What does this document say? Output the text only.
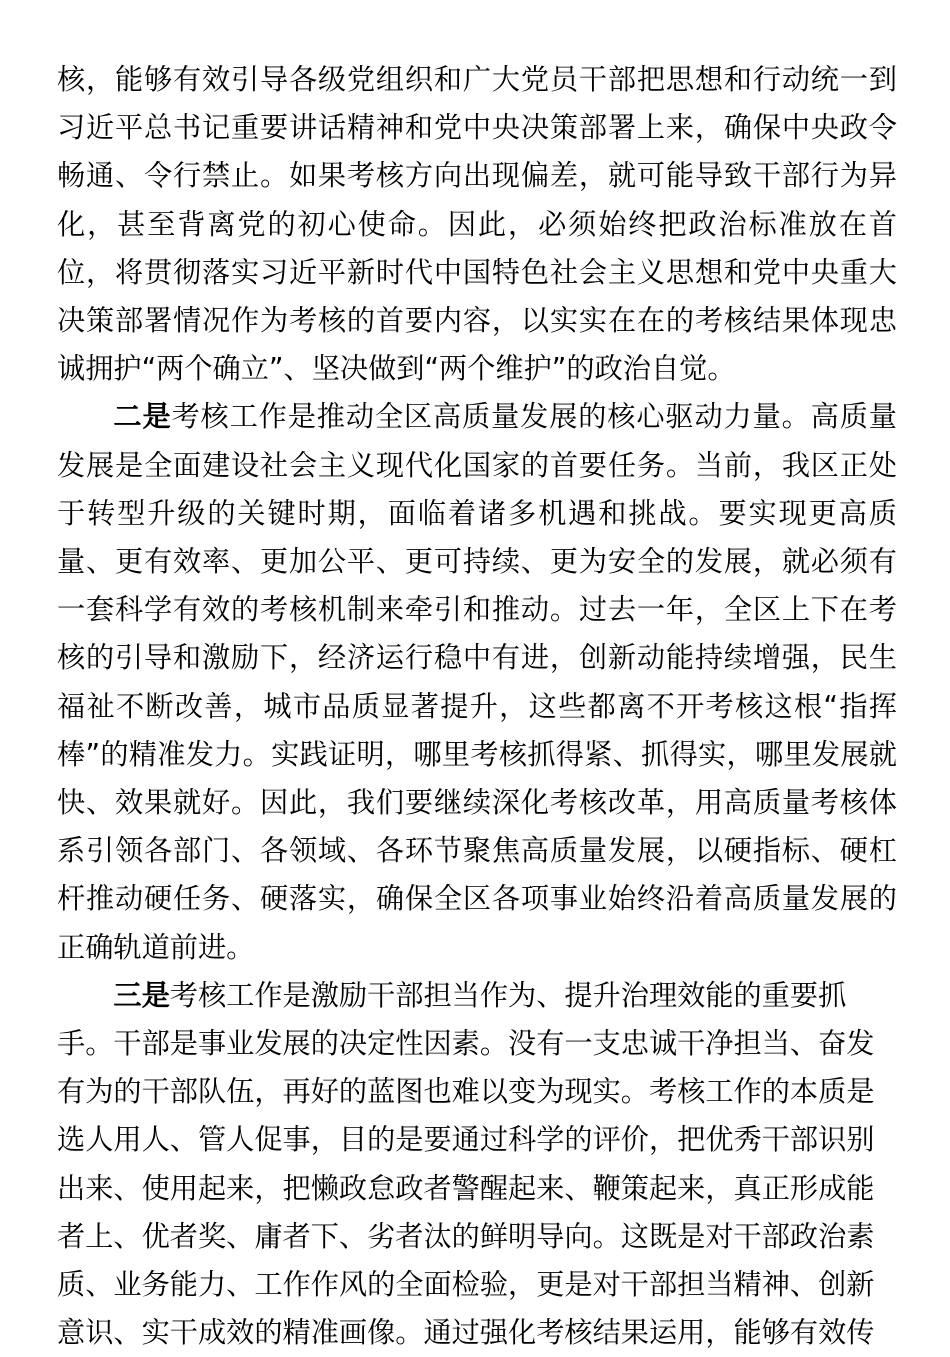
核，能够有效引导各级党组织和广大党员干部把思想和行动统一到习近平总书记重要讲话精神和党中央决策部署上来，确保中央政令畅通、令行禁止。如果考核方向出现偏差，就可能导致干部行为异化，甚至背离党的初心使命。因此，必须始终把政治标准放在首位，将贯彻落实习近平新时代中国特色社会主义思想和党中央重大决策部署情况作为考核的首要内容，以实实在在的考核结果体现忠诚拥护“两个确立”、坚决做到“两个维护”的政治自觉。

二是考核工作是推动全区高质量发展的核心驱动力量。高质量发展是全面建设社会主义现代化国家的首要任务。当前，我区正处于转型升级的关键时期，面临着诸多机遇和挑战。要实现更高质量、更有效率、更加公平、更可持续、更为安全的发展，就必须有一套科学有效的考核机制来牵引和推动。过去一年，全区上下在考核的引导和激励下，经济运行稳中有进，创新动能持续增强，民生福祉不断改善，城市品质显著提升，这些都离不开考核这根“指挥棒”的精准发力。实践证明，哪里考核抓得紧、抓得实，哪里发展就快、效果就好。因此，我们要继续深化考核改革，用高质量考核体系引领各部门、各领域、各环节聚焦高质量发展，以硬指标、硬杠杆推动硬任务、硬落实，确保全区各项事业始终沿着高质量发展的正确轨道前进。

三是考核工作是激励干部担当作为、提升治理效能的重要抓手。干部是事业发展的决定性因素。没有一支忠诚干净担当、奋发有为的干部队伍，再好的蓝图也难以变为现实。考核工作的本质是选人用人、管人促事，目的是要通过科学的评价，把优秀干部识别出来、使用起来，把懒政怠政者警醒起来、鞭策起来，真正形成能者上、优者奖、庸者下、劣者汰的鲜明导向。这既是对干部政治素质、业务能力、工作作风的全面检验，更是对干部担当精神、创新意识、实干成效的精准画像。通过强化考核结果运用，能够有效传
